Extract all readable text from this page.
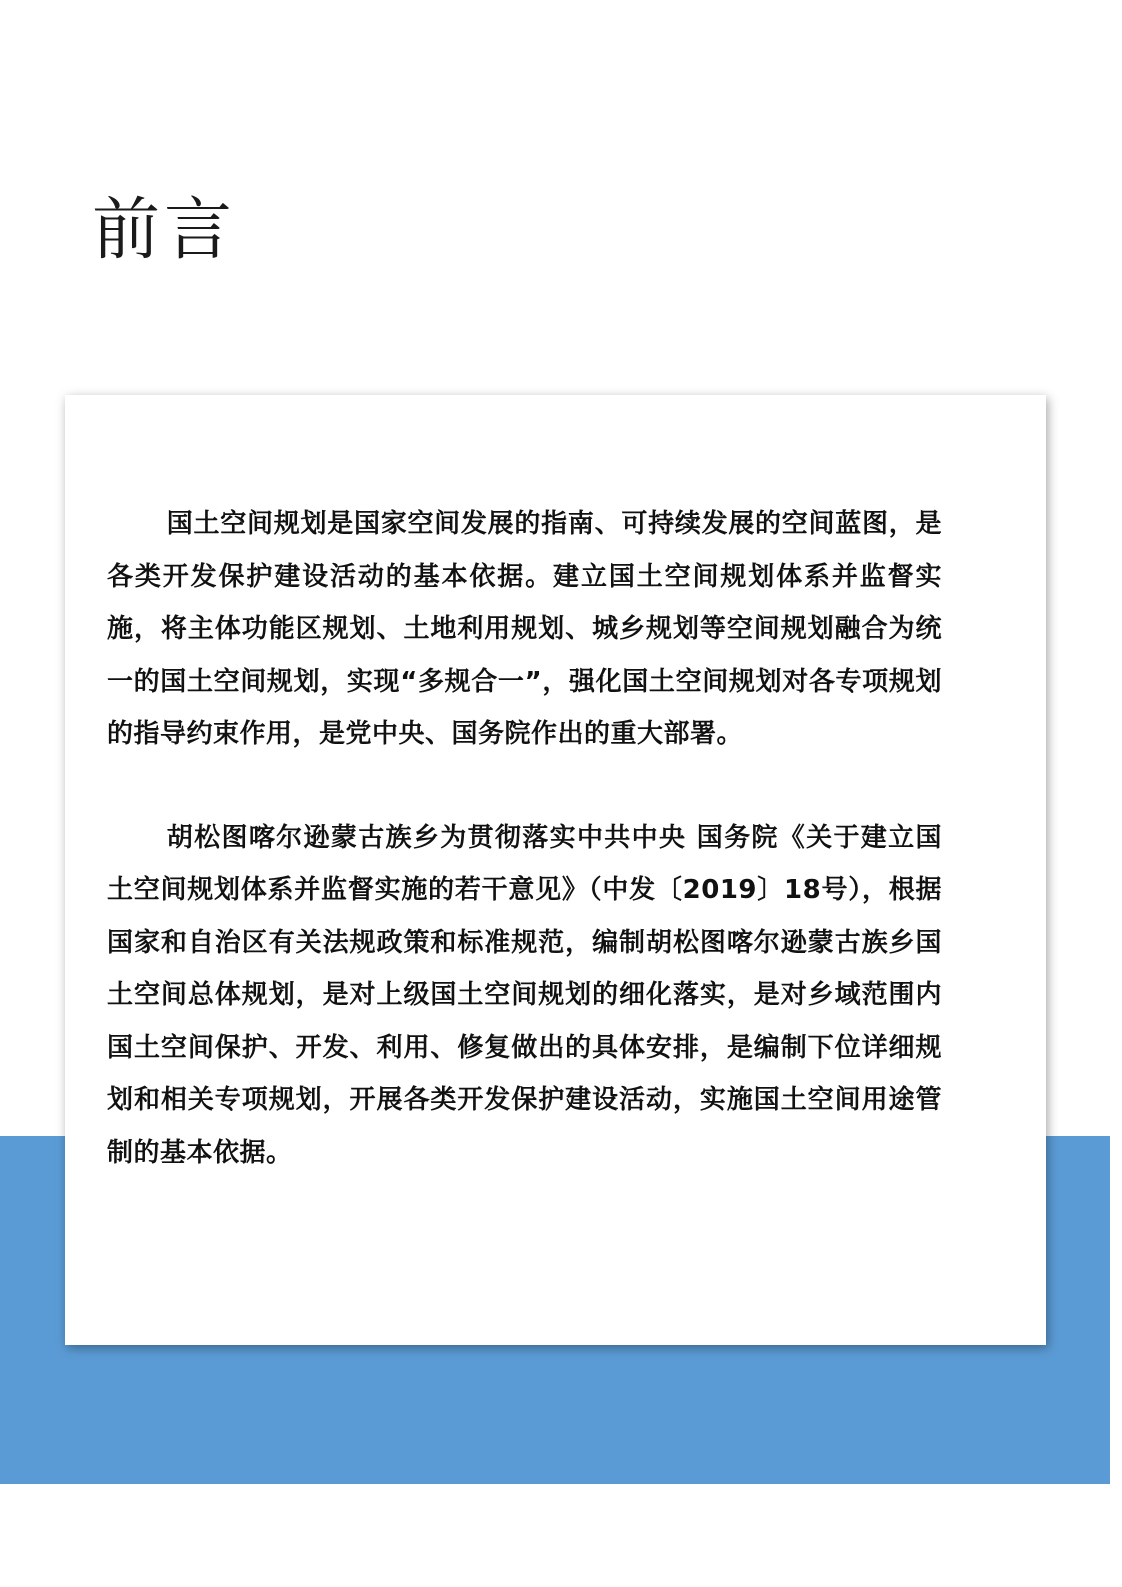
前言

国土空间规划是国家空间发展的指南、可持续发展的空间蓝图，是各类开发保护建设活动的基本依据。建立国土空间规划体系并监督实施，将主体功能区规划、土地利用规划、城乡规划等空间规划融合为统一的国土空间规划，实现“多规合一”，强化国土空间规划对各专项规划的指导约束作用，是党中央、国务院作出的重大部署。

胡松图喀尔逊蒙古族乡为贯彻落实中共中央 国务院《关于建立国土空间规划体系并监督实施的若干意见》（中发〔2019〕18号），根据国家和自治区有关法规政策和标准规范，编制胡松图喀尔逊蒙古族乡国土空间总体规划，是对上级国土空间规划的细化落实，是对乡域范围内国土空间保护、开发、利用、修复做出的具体安排，是编制下位详细规划和相关专项规划，开展各类开发保护建设活动，实施国土空间用途管制的基本依据。
